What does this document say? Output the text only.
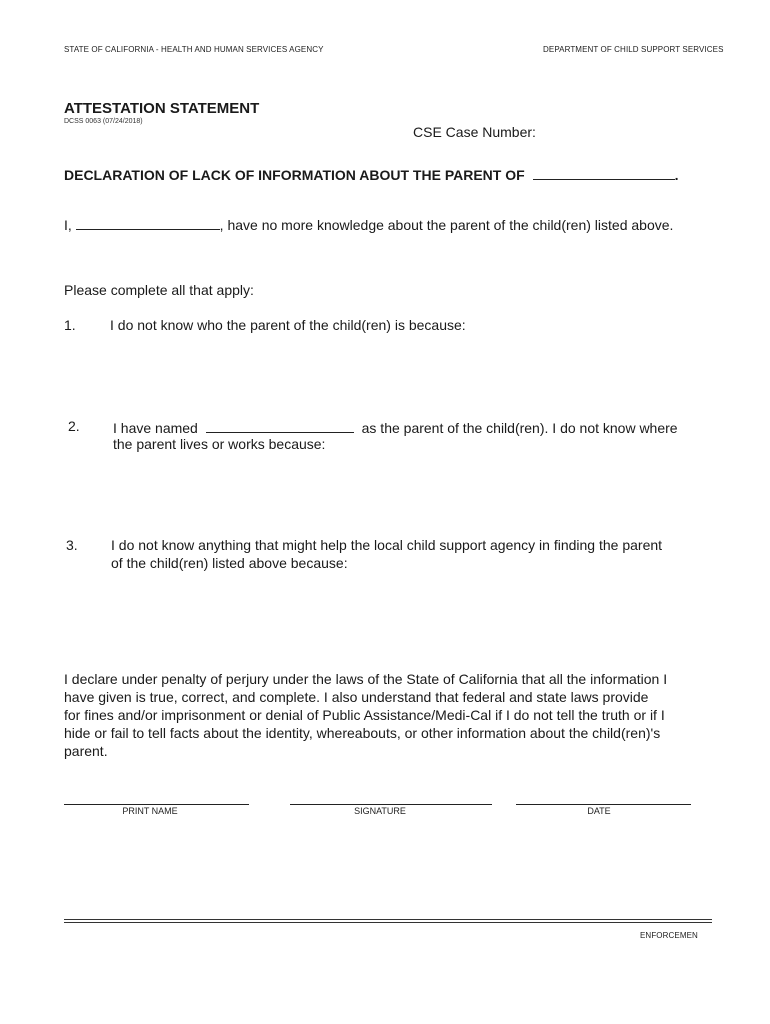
STATE OF CALIFORNIA - HEALTH AND HUMAN SERVICES AGENCY	DEPARTMENT OF CHILD SUPPORT SERVICES
ATTESTATION STATEMENT
DCSS 0063 (07/24/2018)
CSE Case Number:
DECLARATION OF LACK OF INFORMATION ABOUT THE PARENT OF	.
I,	, have no more knowledge about the parent of the child(ren) listed above.
Please complete all that apply:
1. I do not know who the parent of the child(ren) is because:
2. I have named	as the parent of the child(ren). I do not know where
the parent lives or works because:
3. I do not know anything that might help the local child support agency in finding the parent
of the child(ren) listed above because:
I declare under penalty of perjury under the laws of the State of California that all the information I
have given is true, correct, and complete. I also understand that federal and state laws provide
for fines and/or imprisonment or denial of Public Assistance/Medi-Cal if I do not tell the truth or if I
hide or fail to tell facts about the identity, whereabouts, or other information about the child(ren)'s
parent.
PRINT NAME	SIGNATURE	DATE
ENFORCEMEN
